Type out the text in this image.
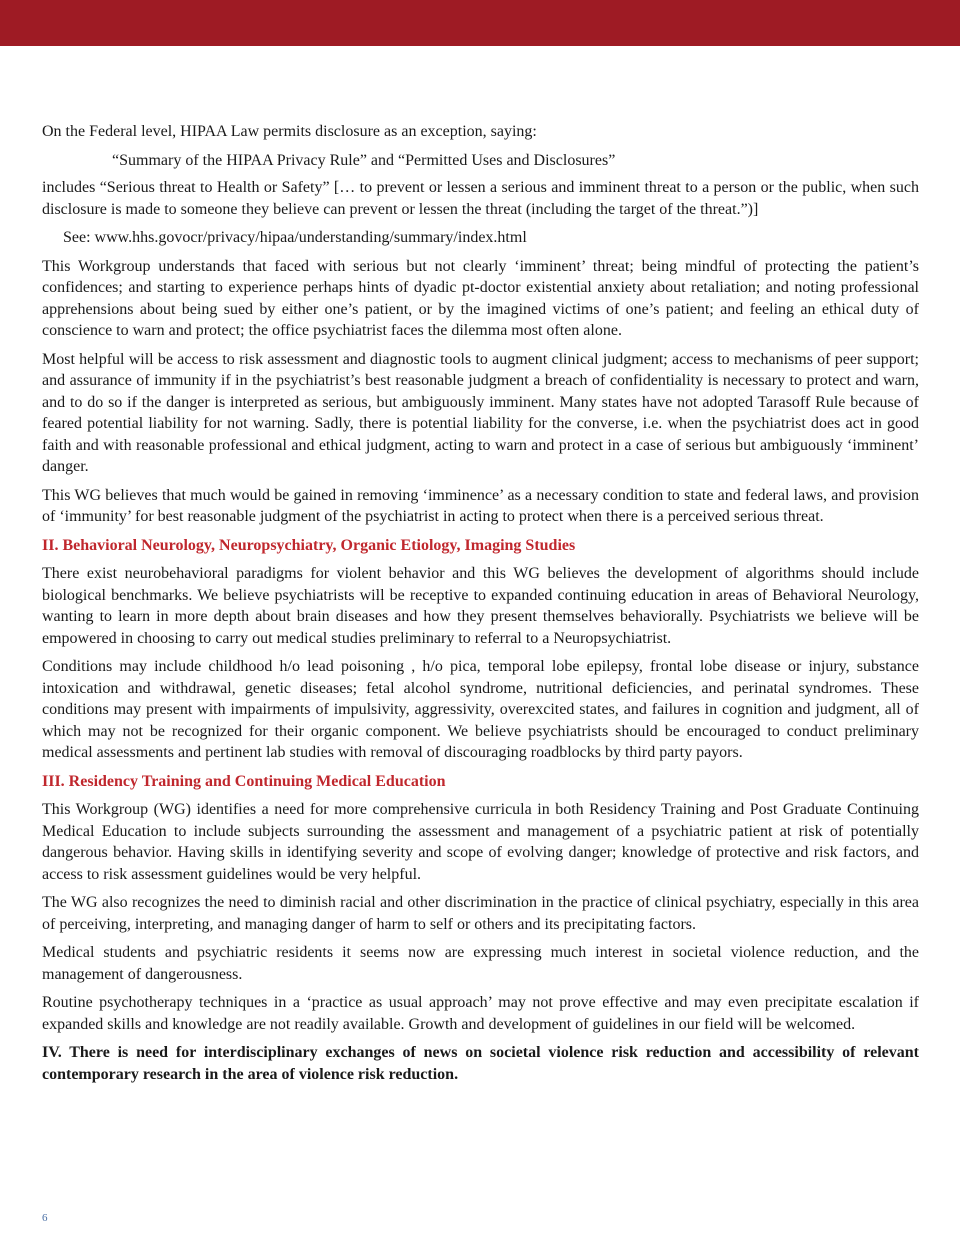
On the Federal level, HIPAA Law permits disclosure as an exception, saying:

“Summary of the HIPAA Privacy Rule” and “Permitted Uses and Disclosures”

includes “Serious threat to Health or Safety” [… to prevent or lessen a serious and imminent threat to a person or the public, when such disclosure is made to someone they believe can prevent or lessen the threat (including the target of the threat.”)]

See: www.hhs.govocr/privacy/hipaa/understanding/summary/index.html

This Workgroup understands that faced with serious but not clearly ‘imminent’ threat; being mindful of protecting the patient’s confidences; and starting to experience perhaps hints of dyadic pt-doctor existential anxiety about retaliation; and noting professional apprehensions about being sued by either one’s patient, or by the imagined victims of one’s patient; and feeling an ethical duty of conscience to warn and protect; the office psychiatrist faces the dilemma most often alone.

Most helpful will be access to risk assessment and diagnostic tools to augment clinical judgment; access to mechanisms of peer support; and assurance of immunity if in the psychiatrist’s best reasonable judgment a breach of confidentiality is necessary to protect and warn, and to do so if the danger is interpreted as serious, but ambiguously imminent. Many states have not adopted Tarasoff Rule because of feared potential liability for not warning. Sadly, there is potential liability for the converse, i.e. when the psychiatrist does act in good faith and with reasonable professional and ethical judgment, acting to warn and protect in a case of serious but ambiguously ‘imminent’ danger.

This WG believes that much would be gained in removing ‘imminence’ as a necessary condition to state and federal laws, and provision of ‘immunity’ for best reasonable judgment of the psychiatrist in acting to protect when there is a perceived serious threat.

II. Behavioral Neurology, Neuropsychiatry, Organic Etiology, Imaging Studies

There exist neurobehavioral paradigms for violent behavior and this WG believes the development of algorithms should include biological benchmarks. We believe psychiatrists will be receptive to expanded continuing education in areas of Behavioral Neurology, wanting to learn in more depth about brain diseases and how they present themselves behaviorally. Psychiatrists we believe will be empowered in choosing to carry out medical studies preliminary to referral to a Neuropsychiatrist.

Conditions may include childhood h/o lead poisoning , h/o pica, temporal lobe epilepsy, frontal lobe disease or injury, substance intoxication and withdrawal, genetic diseases; fetal alcohol syndrome, nutritional deficiencies, and perinatal syndromes. These conditions may present with impairments of impulsivity, aggressivity, overexcited states, and failures in cognition and judgment, all of which may not be recognized for their organic component. We believe psychiatrists should be encouraged to conduct preliminary medical assessments and pertinent lab studies with removal of discouraging roadblocks by third party payors.

III. Residency Training and Continuing Medical Education

This Workgroup (WG) identifies a need for more comprehensive curricula in both Residency Training and Post Graduate Continuing Medical Education to include subjects surrounding the assessment and management of a psychiatric patient at risk of potentially dangerous behavior. Having skills in identifying severity and scope of evolving danger; knowledge of protective and risk factors, and access to risk assessment guidelines would be very helpful.

The WG also recognizes the need to diminish racial and other discrimination in the practice of clinical psychiatry, especially in this area of perceiving, interpreting, and managing danger of harm to self or others and its precipitating factors.

Medical students and psychiatric residents it seems now are expressing much interest in societal violence reduction, and the management of dangerousness.

Routine psychotherapy techniques in a ‘practice as usual approach’ may not prove effective and may even precipitate escalation if expanded skills and knowledge are not readily available. Growth and development of guidelines in our field will be welcomed.

IV. There is need for interdisciplinary exchanges of news on societal violence risk reduction and accessibility of relevant contemporary research in the area of violence risk reduction.

6
